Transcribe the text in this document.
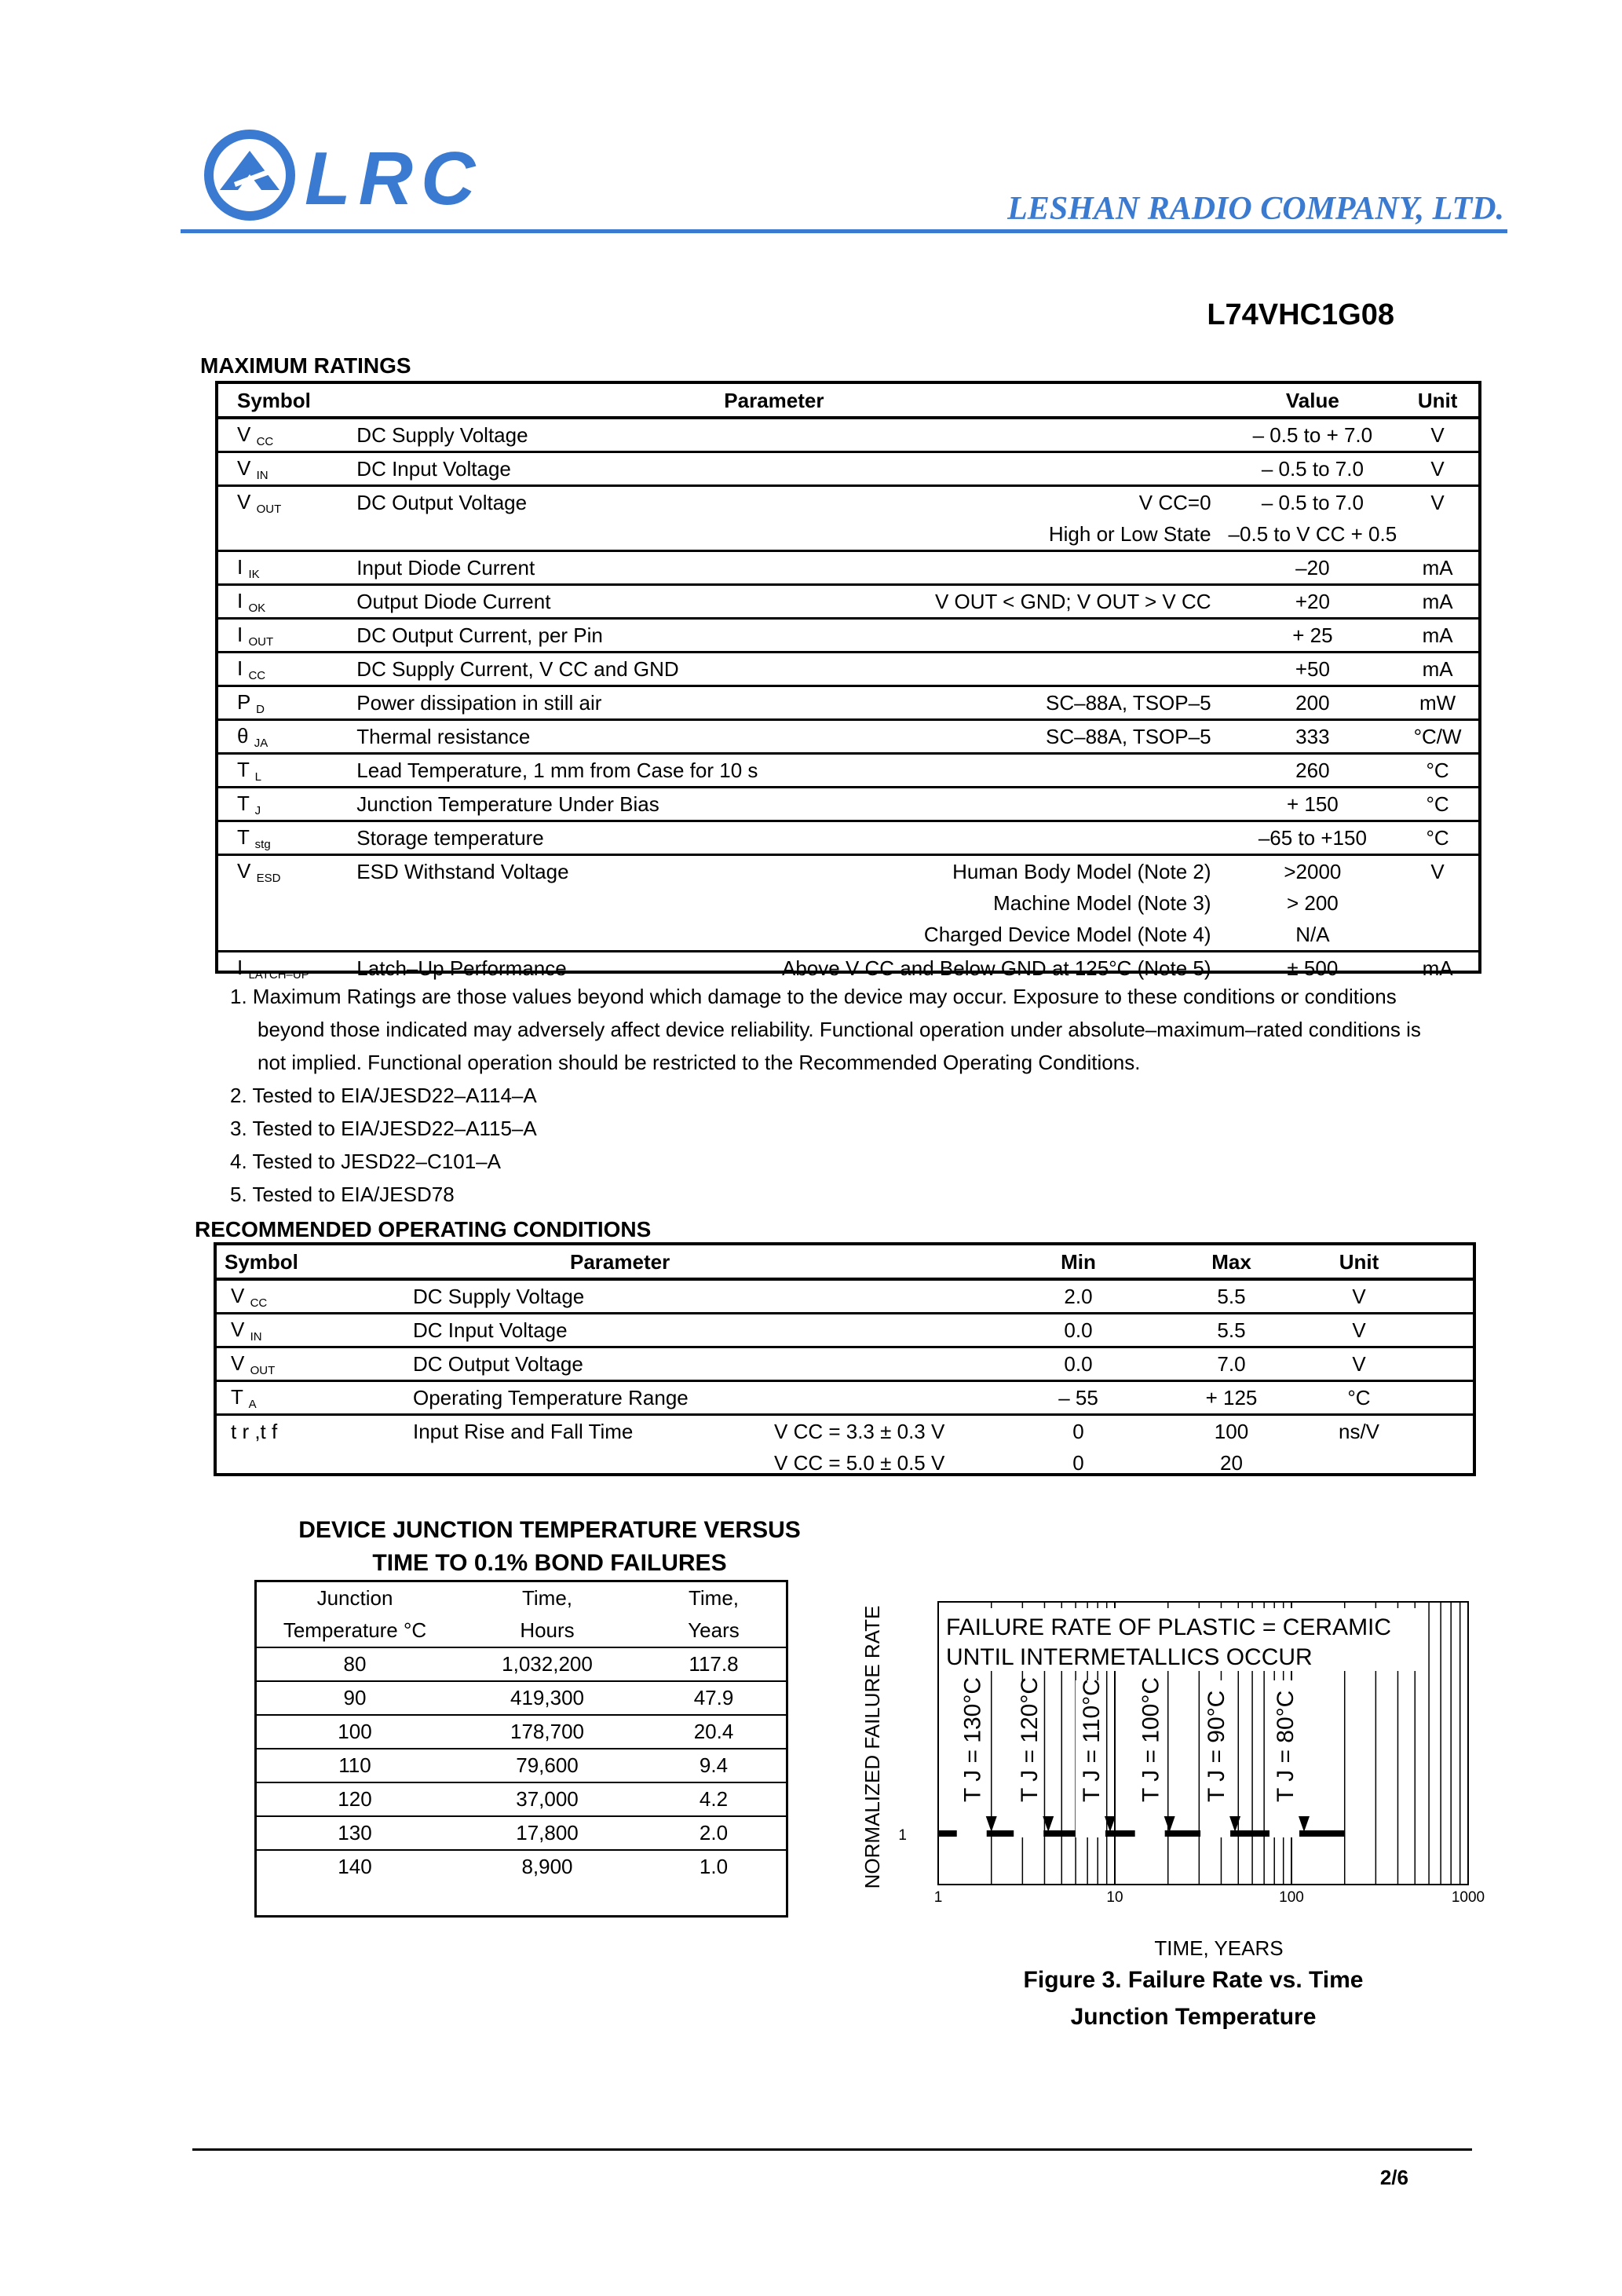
LRC	LESHAN RADIO COMPANY, LTD.
L74VHC1G08
MAXIMUM RATINGS
Symbol	Parameter		Value	Unit
V $_{CC}$	DC Supply Voltage		– 0.5 to + 7.0	V
V $_{IN}$	DC Input Voltage		– 0.5 to 7.0	V
V $_{OUT}$	DC Output Voltage	V CC=0	– 0.5 to 7.0	V
		High or Low State	–0.5 to V CC + 0.5	
I $_{IK}$	Input Diode Current		–20	mA
I $_{OK}$	Output Diode Current	V OUT < GND; V OUT > V CC	+20	mA
I $_{OUT}$	DC Output Current, per Pin		+ 25	mA
I $_{CC}$	DC Supply Current, V CC and GND		+50	mA
P $_D$	Power dissipation in still air	SC–88A, TSOP–5	200	mW
θ $_{JA}$	Thermal resistance	SC–88A, TSOP–5	333	°C/W
T $_L$	Lead Temperature, 1 mm from Case for 10 s		260	°C
T $_J$	Junction Temperature Under Bias		+ 150	°C
T $_{stg}$	Storage temperature		–65 to +150	°C
V $_{ESD}$	ESD Withstand Voltage	Human Body Model (Note 2)	>2000	V
		Machine Model (Note 3)	> 200	
		Charged Device Model (Note 4)	N/A	
I $_{LATCH-UP}$	Latch–Up Performance	Above V CC and Below GND at 125°C (Note 5)	± 500	mA
1. Maximum Ratings are those values beyond which damage to the device may occur. Exposure to these conditions or conditions
beyond those indicated may adversely affect device reliability. Functional operation under absolute–maximum–rated conditions is
not implied. Functional operation should be restricted to the Recommended Operating Conditions.
2. Tested to EIA/JESD22–A114–A
3. Tested to EIA/JESD22–A115–A
4. Tested to JESD22–C101–A
5. Tested to EIA/JESD78
RECOMMENDED OPERATING CONDITIONS
Symbol	Parameter		Min	Max	Unit	
V $_{CC}$	DC Supply Voltage		2.0	5.5	V	
V $_{IN}$	DC Input Voltage		0.0	5.5	V	
V $_{OUT}$	DC Output Voltage		0.0	7.0	V	
T $_A$	Operating Temperature Range		– 55	+ 125	°C	
t r ,t f	Input Rise and Fall Time	V CC = 3.3 ± 0.3 V	0	100	ns/V	
		V CC = 5.0 ± 0.5 V	0	20		
DEVICE JUNCTION TEMPERATURE VERSUS
TIME TO 0.1% BOND FAILURES
Junction	Time,	Time,
Temperature °C	Hours	Years
80	1,032,200	117.8
90	419,300	47.9
100	178,700	20.4
110	79,600	9.4
120	37,000	4.2
130	17,800	2.0
140	8,900	1.0
FAILURE RATE OF PLASTIC = CERAMIC
UNTIL INTERMETALLICS OCCUR
T J = 130°C T J = 120°C T J = 110°C T J = 100°C T J = 90°C T J = 80°C
1	10	100	1000
1
TIME, YEARS
NORMALIZED FAILURE RATE
Figure 3. Failure Rate vs. Time
Junction Temperature
2/6
